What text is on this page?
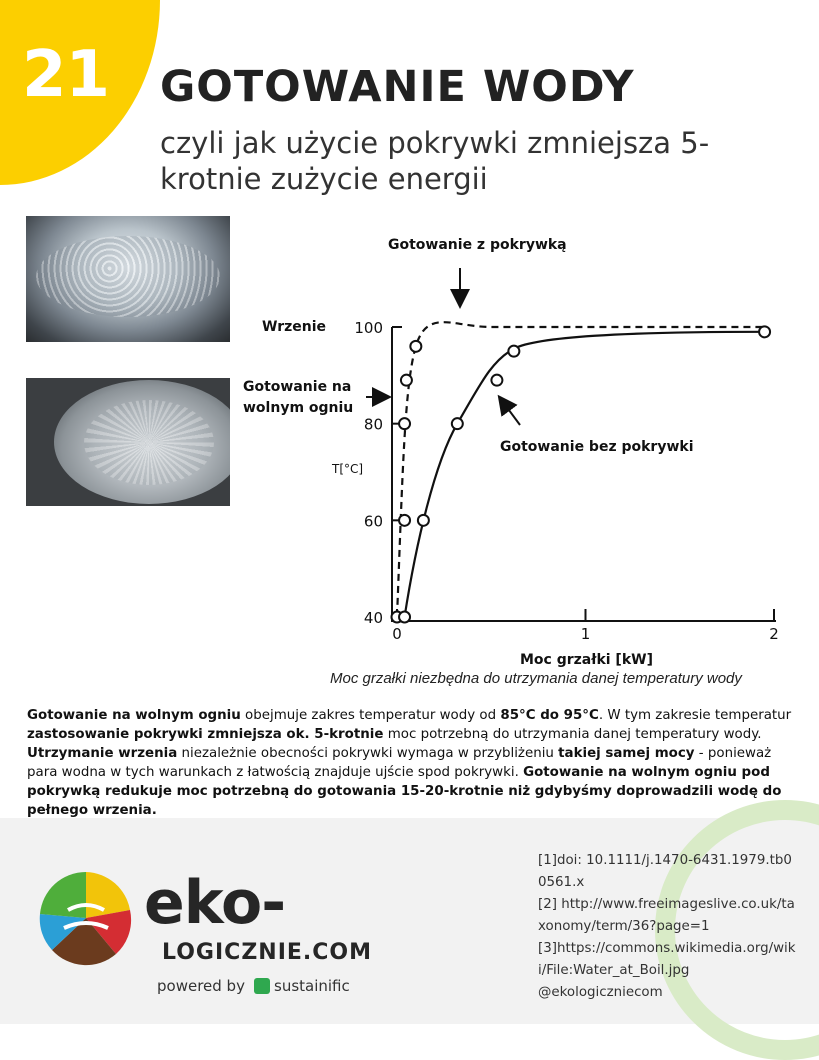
21 GOTOWANIE WODY
czyli jak użycie pokrywki zmniejsza 5-krotnie zużycie energii
40
60
80
100
0	1	2
Gotowanie z pokrywką
Gotowanie bez pokrywki
Wrzenie
Gotowanie na
wolnym ogniu
T[°C]
Moc grzałki [kW]
Moc grzałki niezbędna do utrzymania danej temperatury wody
Gotowanie na wolnym ogniu obejmuje zakres temperatur wody od 85°C do 95°C. W tym zakresie temperatur zastosowanie pokrywki zmniejsza ok. 5-krotnie moc potrzebną do utrzymania danej temperatury wody. Utrzymanie wrzenia niezależnie obecności pokrywki wymaga w przybliżeniu takiej samej mocy - ponieważ para wodna w tych warunkach z łatwością znajduje ujście spod pokrywki. Gotowanie na wolnym ogniu pod pokrywką redukuje moc potrzebną do gotowania 15-20-krotnie niż gdybyśmy doprowadzili wodę do pełnego wrzenia.
eko-
LOGICZNIE.COM
powered by sustainific
[1]doi: 10.1111/j.1470-6431.1979.tb00561.x
[2] http://www.freeimageslive.co.uk/taxonomy/term/36?page=1
[3]https://commons.wikimedia.org/wiki/File:Water_at_Boil.jpg
@ekologiczniecom
